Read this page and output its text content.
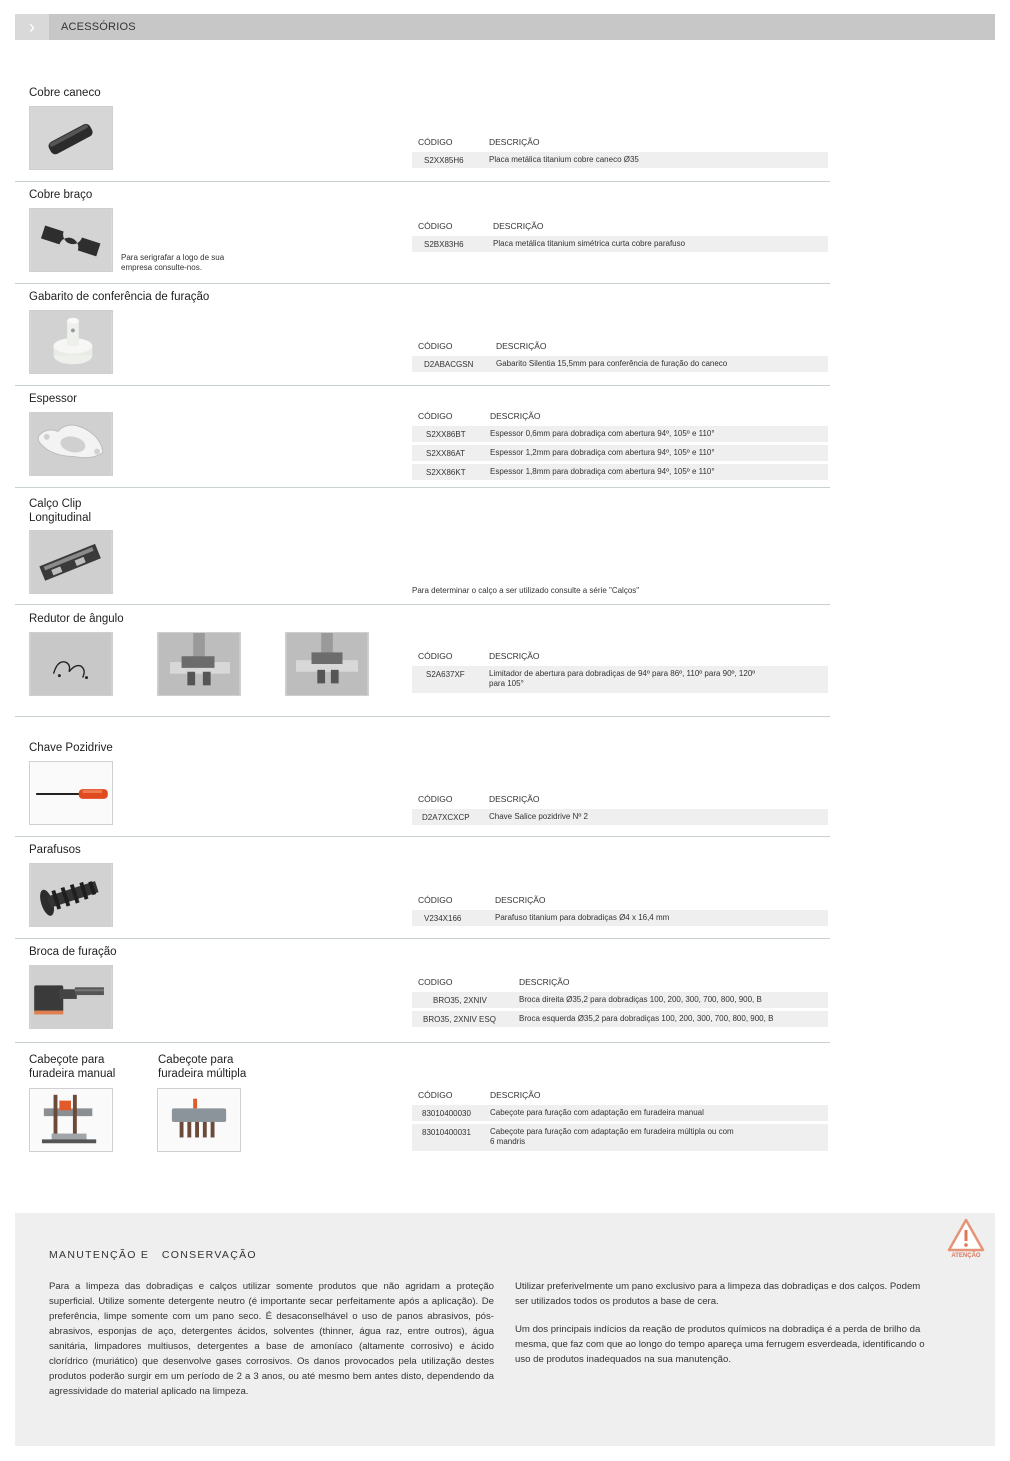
›	ACESSÓRIOS
Cobre caneco
CÓDIGO	DESCRIÇÃO
S2XX85H6	Placa metálica titanium cobre caneco Ø35
Cobre braço
Para serigrafar a logo de sua empresa consulte-nos.
CÓDIGO	DESCRIÇÃO
S2BX83H6	Placa metálica titanium simétrica curta cobre parafuso
Gabarito de conferência de furação
CÓDIGO	DESCRIÇÃO
D2ABACGSN	Gabarito Silentia 15,5mm para conferência de furação do caneco
Espessor
CÓDIGO	DESCRIÇÃO
S2XX86BT	Espessor 0,6mm para dobradiça com abertura 94º, 105º e 110°
S2XX86AT	Espessor 1,2mm para dobradiça com abertura 94º, 105º e 110°
S2XX86KT	Espessor 1,8mm para dobradiça com abertura 94º, 105º e 110°
Calço Clip
Longitudinal
Para determinar o calço a ser utilizado consulte a série "Calços"
Redutor de ângulo
CÓDIGO	DESCRIÇÃO
S2A637XF	Limitador de abertura para dobradiças de 94º para 86º, 110º para 90º, 120º
para 105°
Chave Pozidrive
CÓDIGO	DESCRIÇÃO
D2A7XCXCP Chave Salice pozidrive Nº 2
Parafusos
CÓDIGO	DESCRIÇÃO
V234X166	Parafuso titanium para dobradiças Ø4 x 16,4 mm
Broca de furação
CODIGO	DESCRIÇÃO
BRO35, 2XNIV	Broca direita Ø35,2 para dobradiças 100, 200, 300, 700, 800, 900, B
BRO35, 2XNIV ESQ	Broca esquerda Ø35,2 para dobradiças 100, 200, 300, 700, 800, 900, B
Cabeçote para
furadeira manual
Cabeçote para
furadeira múltipla
CÓDIGO	DESCRIÇÃO
83010400030 Cabeçote para furação com adaptação em furadeira manual
83010400031 Cabeçote para furação com adaptação em furadeira múltipla ou com
6 mandris
ATENÇÃO
MANUTENÇÃO E   CONSERVAÇÃO
Para a limpeza das dobradiças e calços utilizar somente produtos que não agridam a proteção superficial. Utilize somente detergente neutro (é importante secar perfeitamente após a aplicação). De preferência, limpe somente com um pano seco. É desaconselhável o uso de panos abrasivos, pós-abrasivos, esponjas de aço, detergentes ácidos, solventes (thinner, água raz, entre outros), água sanitária, limpadores multiusos, detergentes a base de amoníaco (altamente corrosivo) e ácido clorídrico (muriático) que desenvolve gases corrosivos. Os danos provocados pela utilização destes produtos poderão surgir em um período de 2 a 3 anos, ou até mesmo bem antes disto, dependendo da agressividade do material aplicado na limpeza.

Utilizar preferivelmente um pano exclusivo para a limpeza das dobradiças e dos calços. Podem ser utilizados todos os produtos a base de cera.

Um dos principais indícios da reação de produtos químicos na dobradiça é a perda de brilho da mesma, que faz com que ao longo do tempo apareça uma ferrugem esverdeada, identificando o uso de produtos inadequados na sua manutenção.
